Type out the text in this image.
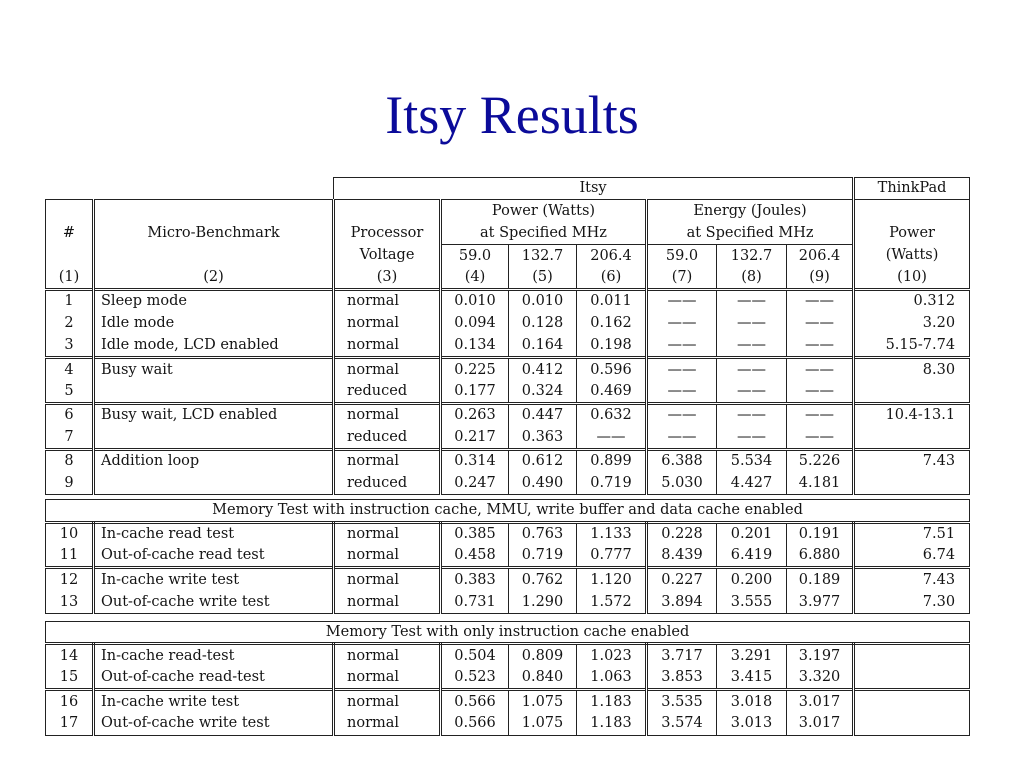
Itsy Results
		Itsy							ThinkPad
			Power (Watts)			Energy (Joules)			
#	Micro-Benchmark	Processor	at Specified MHz			at Specified MHz			Power
		Voltage	59.0	132.7	206.4	59.0	132.7	206.4	(Watts)
(1)	(2)	(3)	(4)	(5)	(6)	(7)	(8)	(9)	(10)
1	Sleep mode	normal	0.010	0.010	0.011	——	——	——	0.312
2	Idle mode	normal	0.094	0.128	0.162	——	——	——	3.20
3	Idle mode, LCD enabled	normal	0.134	0.164	0.198	——	——	——	5.15-7.74
4	Busy wait	normal	0.225	0.412	0.596	——	——	——	8.30
5		reduced	0.177	0.324	0.469	——	——	——	
6	Busy wait, LCD enabled	normal	0.263	0.447	0.632	——	——	——	10.4-13.1
7		reduced	0.217	0.363	——	——	——	——	
8	Addition loop	normal	0.314	0.612	0.899	6.388	5.534	5.226	7.43
9		reduced	0.247	0.490	0.719	5.030	4.427	4.181	

Memory Test with instruction cache, MMU, write buffer and data cache enabled									
10	In-cache read test	normal	0.385	0.763	1.133	0.228	0.201	0.191	7.51
11	Out-of-cache read test	normal	0.458	0.719	0.777	8.439	6.419	6.880	6.74
12	In-cache write test	normal	0.383	0.762	1.120	0.227	0.200	0.189	7.43
13	Out-of-cache write test	normal	0.731	1.290	1.572	3.894	3.555	3.977	7.30

Memory Test with only instruction cache enabled									
14	In-cache read-test	normal	0.504	0.809	1.023	3.717	3.291	3.197	
15	Out-of-cache read-test	normal	0.523	0.840	1.063	3.853	3.415	3.320	
16	In-cache write test	normal	0.566	1.075	1.183	3.535	3.018	3.017	
17	Out-of-cache write test	normal	0.566	1.075	1.183	3.574	3.013	3.017	
